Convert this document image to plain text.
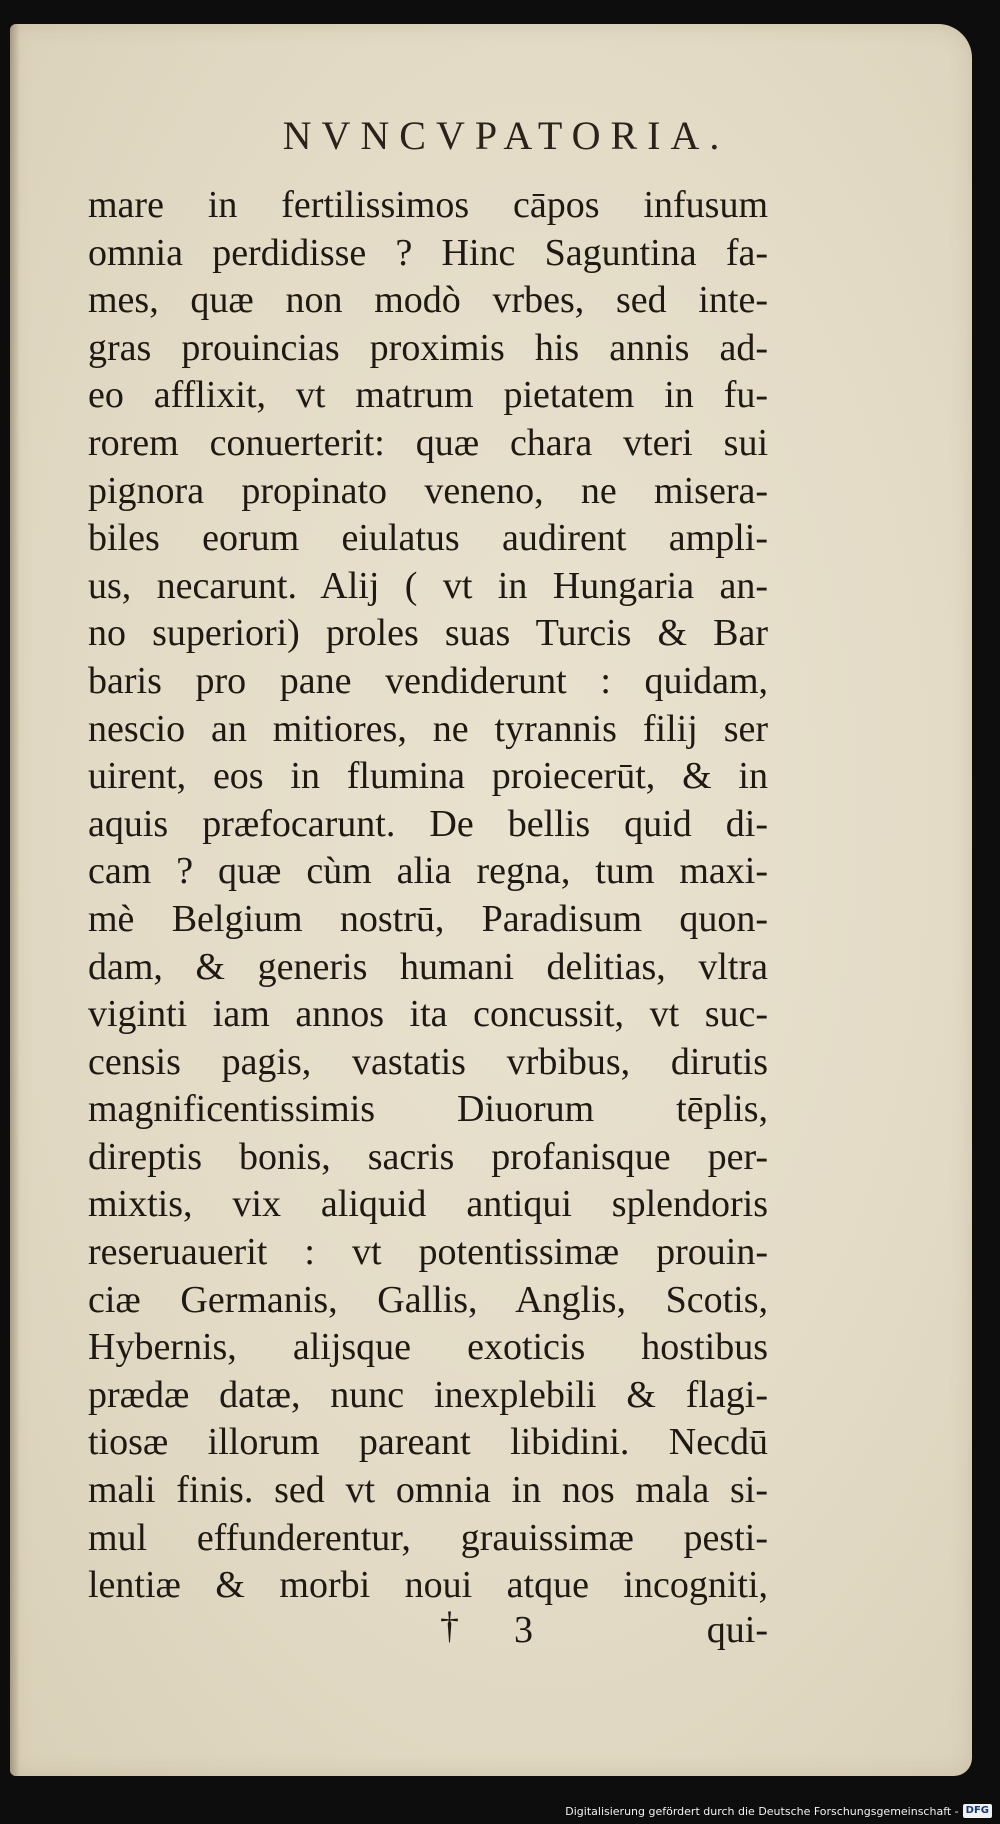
NVNCVPATORIA.
mare in fertilissimos cāpos infusum
omnia perdidisse ? Hinc Saguntina fa-
mes, quæ non modò vrbes, sed inte-
gras prouincias proximis his annis ad-
eo afflixit, vt matrum pietatem in fu-
rorem conuerterit: quæ chara vteri sui
pignora propinato veneno, ne misera-
biles eorum eiulatus audirent ampli-
us, necarunt. Alij ( vt in Hungaria an-
no superiori) proles suas Turcis & Bar
baris pro pane vendiderunt : quidam,
nescio an mitiores, ne tyrannis filij ser
uirent, eos in flumina proiecerūt, & in
aquis præfocarunt. De bellis quid di-
cam ? quæ cùm alia regna, tum maxi-
mè Belgium nostrū, Paradisum quon-
dam, & generis humani delitias, vltra
viginti iam annos ita concussit, vt suc-
censis pagis, vastatis vrbibus, dirutis
magnificentissimis Diuorum tēplis,
direptis bonis, sacris profanisque per-
mixtis, vix aliquid antiqui splendoris
reseruauerit : vt potentissimæ prouin-
ciæ Germanis, Gallis, Anglis, Scotis,
Hybernis, alijsque exoticis hostibus
prædæ datæ, nunc inexplebili & flagi-
tiosæ illorum pareant libidini. Necdū
mali finis. sed vt omnia in nos mala si-
mul effunderentur, grauissimæ pesti-
lentiæ & morbi noui atque incogniti,
† 3	qui-
Digitalisierung gefördert durch die Deutsche Forschungsgemeinschaft - DFG
